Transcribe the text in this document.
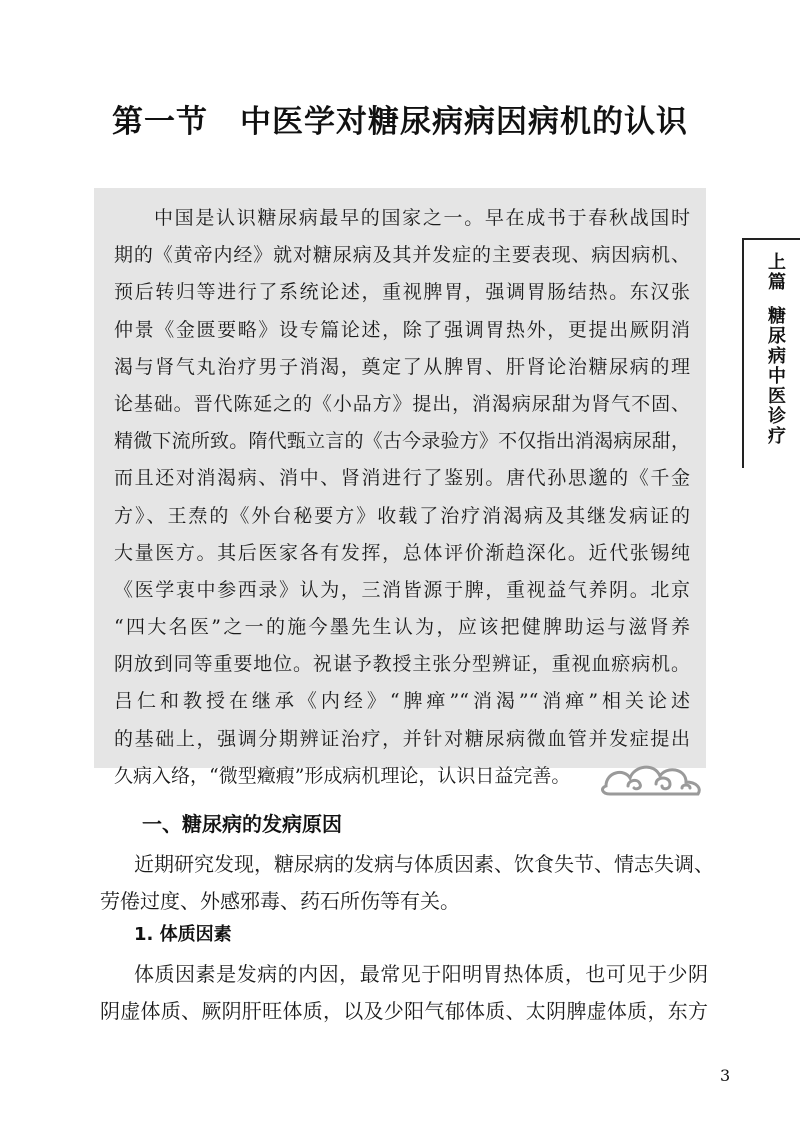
第一节 中医学对糖尿病病因病机的认识
中国是认识糖尿病最早的国家之一。早在成书于春秋战国时
期的《黄帝内经》就对糖尿病及其并发症的主要表现、病因病机、
预后转归等进行了系统论述，重视脾胃，强调胃肠结热。东汉张
仲景《金匮要略》设专篇论述，除了强调胃热外，更提出厥阴消
渴与肾气丸治疗男子消渴，奠定了从脾胃、肝肾论治糖尿病的理
论基础。晋代陈延之的《小品方》提出，消渴病尿甜为肾气不固、
精微下流所致。隋代甄立言的《古今录验方》不仅指出消渴病尿甜，
而且还对消渴病、消中、肾消进行了鉴别。唐代孙思邈的《千金
方》、王焘的《外台秘要方》收载了治疗消渴病及其继发病证的
大量医方。其后医家各有发挥，总体评价渐趋深化。近代张锡纯
《医学衷中参西录》认为，三消皆源于脾，重视益气养阴。北京
“四大名医”之一的施今墨先生认为，应该把健脾助运与滋肾养
阴放到同等重要地位。祝谌予教授主张分型辨证，重视血瘀病机。
吕仁和教授在继承《内经》“脾瘅”“消渴”“消瘅”相关论述
的基础上，强调分期辨证治疗，并针对糖尿病微血管并发症提出
久病入络，“微型癥瘕”形成病机理论，认识日益完善。
上篇糖尿病中医诊疗
一、糖尿病的发病原因
近期研究发现，糖尿病的发病与体质因素、饮食失节、情志失调、
劳倦过度、外感邪毒、药石所伤等有关。
1. 体质因素
体质因素是发病的内因，最常见于阳明胃热体质，也可见于少阴
阴虚体质、厥阴肝旺体质，以及少阳气郁体质、太阴脾虚体质，东方
3
